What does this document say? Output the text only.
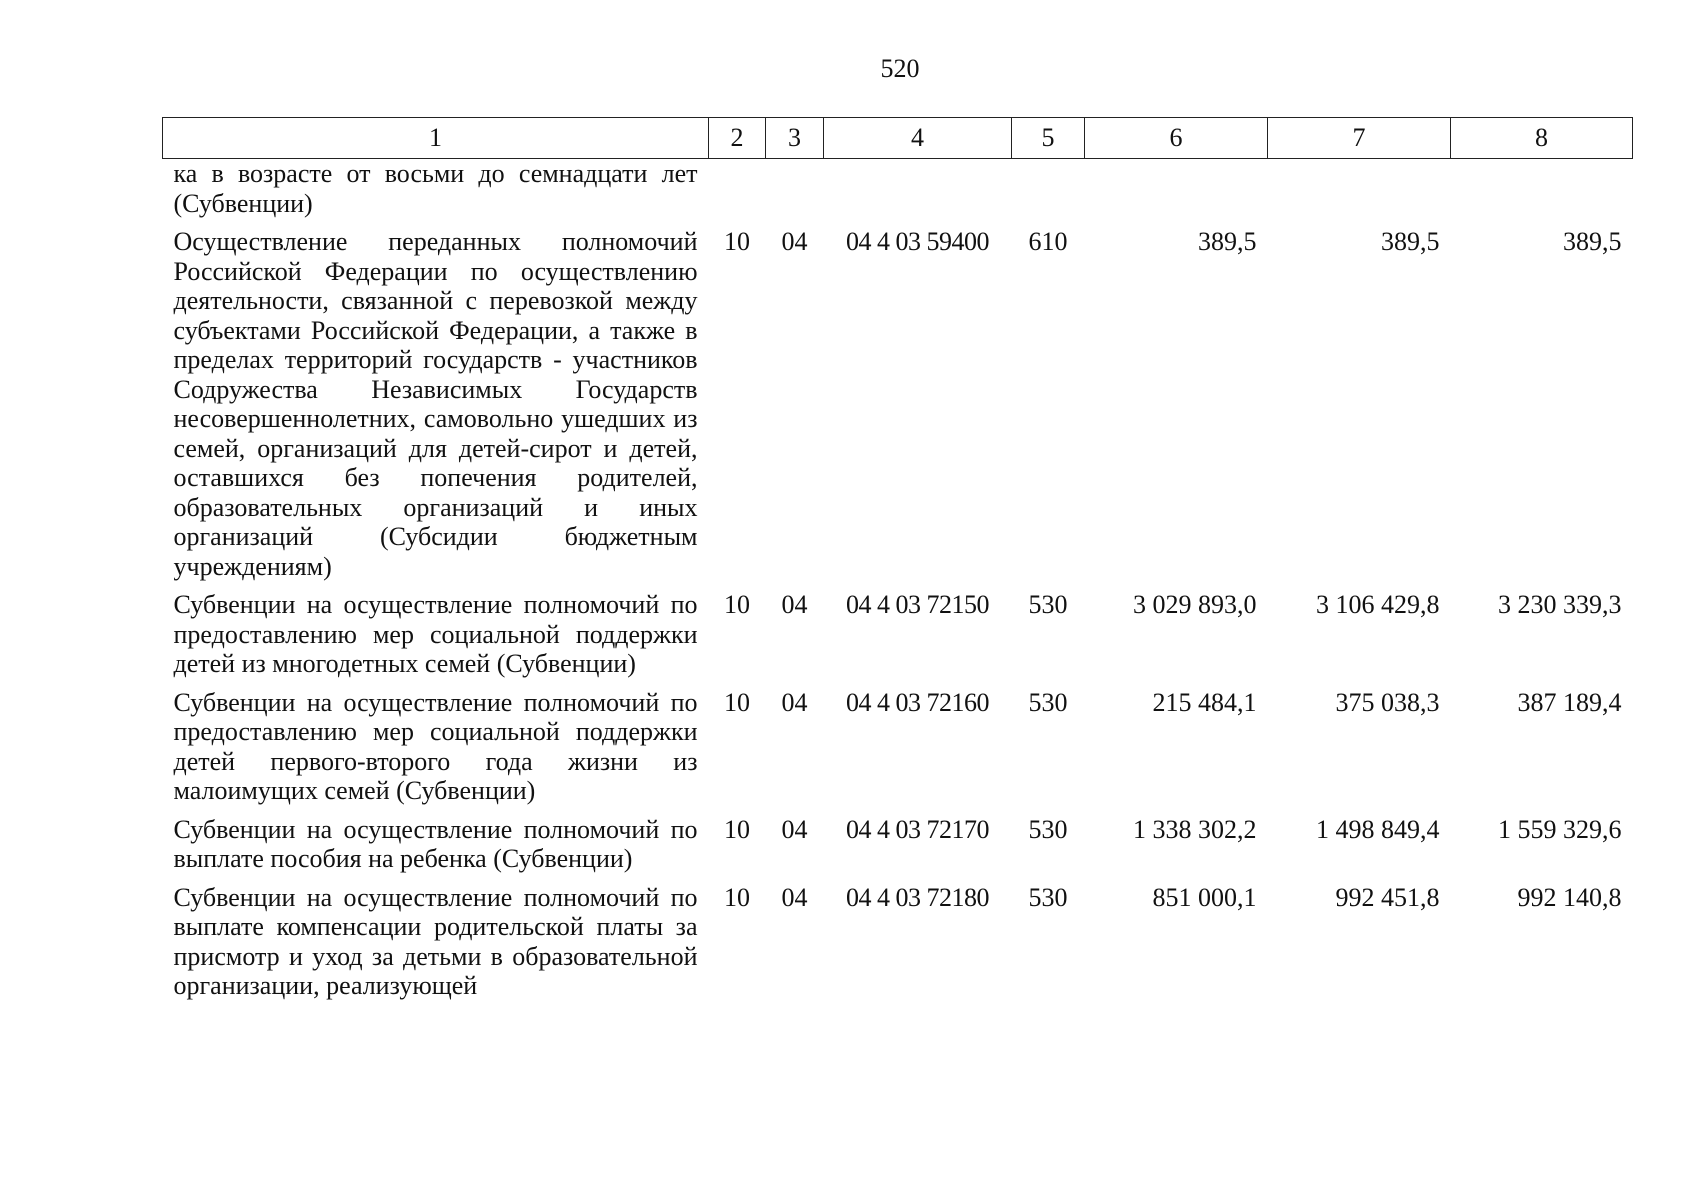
520
1	2	3	4	5	6	7	8
ка в возрасте от восьми до семнадцати лет (Субвенции)							
Осуществление переданных полномочий Российской Федерации по осуществлению деятельности, связанной с перевозкой между субъектами Российской Федерации, а также в пределах территорий государств - участников Содружества Независимых Государств несовершеннолетних, самовольно ушедших из семей, организаций для детей-сирот и детей, оставшихся без попечения родителей, образовательных организаций и иных организаций (Субсидии бюджетным учреждениям)	10	04	04 4 03 59400	610	389,5	389,5	389,5
Субвенции на осуществление полномочий по предоставлению мер социальной поддержки детей из многодетных семей (Субвенции)	10	04	04 4 03 72150	530	3 029 893,0	3 106 429,8	3 230 339,3
Субвенции на осуществление полномочий по предоставлению мер социальной поддержки детей первого-второго года жизни из малоимущих семей (Субвенции)	10	04	04 4 03 72160	530	215 484,1	375 038,3	387 189,4
Субвенции на осуществление полномочий по выплате пособия на ребенка (Субвенции)	10	04	04 4 03 72170	530	1 338 302,2	1 498 849,4	1 559 329,6
Субвенции на осуществление полномочий по выплате компенсации родительской платы за присмотр и уход за детьми в образовательной организации, реализующей	10	04	04 4 03 72180	530	851 000,1	992 451,8	992 140,8
